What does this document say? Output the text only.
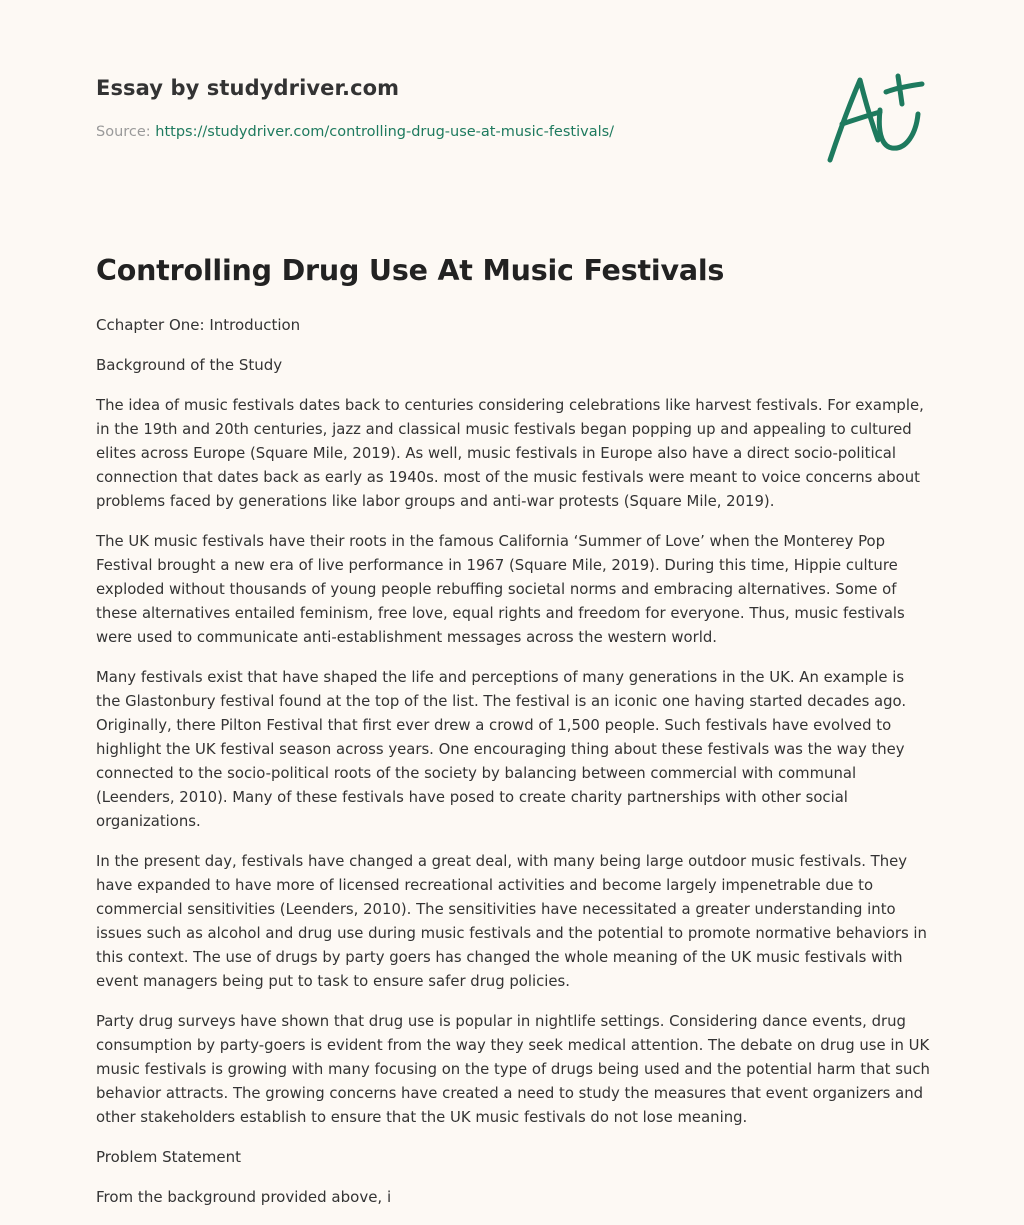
Essay by studydriver.com
Source: https://studydriver.com/controlling-drug-use-at-music-festivals/
Controlling Drug Use At Music Festivals

Cchapter One: Introduction

Background of the Study

The idea of music festivals dates back to centuries considering celebrations like harvest festivals. For example, in the 19th and 20th centuries, jazz and classical music festivals began popping up and appealing to cultured elites across Europe (Square Mile, 2019). As well, music festivals in Europe also have a direct socio-political connection that dates back as early as 1940s. most of the music festivals were meant to voice concerns about problems faced by generations like labor groups and anti-war protests (Square Mile, 2019).

The UK music festivals have their roots in the famous California ‘Summer of Love’ when the Monterey Pop Festival brought a new era of live performance in 1967 (Square Mile, 2019). During this time, Hippie culture exploded without thousands of young people rebuffing societal norms and embracing alternatives. Some of these alternatives entailed feminism, free love, equal rights and freedom for everyone. Thus, music festivals were used to communicate anti-establishment messages across the western world.

Many festivals exist that have shaped the life and perceptions of many generations in the UK. An example is the Glastonbury festival found at the top of the list. The festival is an iconic one having started decades ago. Originally, there Pilton Festival that first ever drew a crowd of 1,500 people. Such festivals have evolved to highlight the UK festival season across years. One encouraging thing about these festivals was the way they connected to the socio-political roots of the society by balancing between commercial with communal (Leenders, 2010). Many of these festivals have posed to create charity partnerships with other social organizations.

In the present day, festivals have changed a great deal, with many being large outdoor music festivals. They have expanded to have more of licensed recreational activities and become largely impenetrable due to commercial sensitivities (Leenders, 2010). The sensitivities have necessitated a greater understanding into issues such as alcohol and drug use during music festivals and the potential to promote normative behaviors in this context. The use of drugs by party goers has changed the whole meaning of the UK music festivals with event managers being put to task to ensure safer drug policies.

Party drug surveys have shown that drug use is popular in nightlife settings. Considering dance events, drug consumption by party-goers is evident from the way they seek medical attention. The debate on drug use in UK music festivals is growing with many focusing on the type of drugs being used and the potential harm that such behavior attracts. The growing concerns have created a need to study the measures that event organizers and other stakeholders establish to ensure that the UK music festivals do not lose meaning.

Problem Statement

From the background provided above, i
